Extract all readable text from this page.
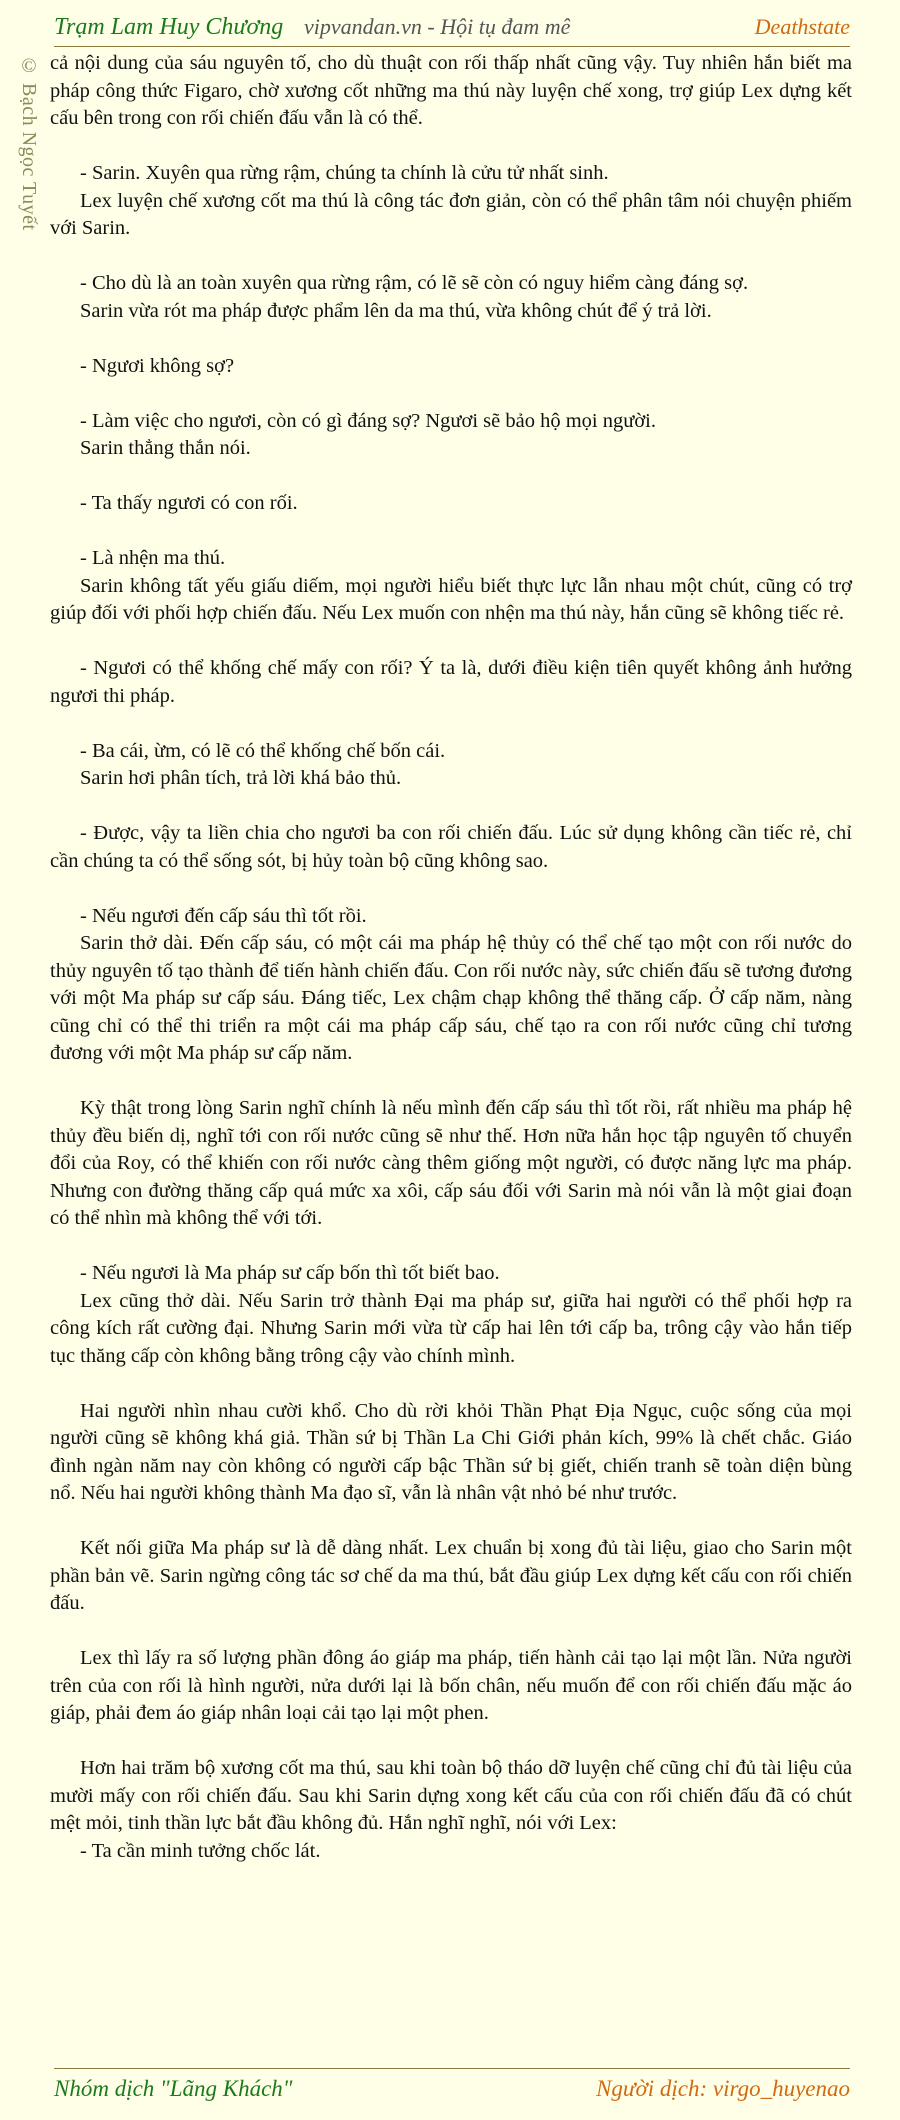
Trạm Lam Huy Chương vipvandan.vn - Hội tụ đam mê	Deathstate
© Bạch Ngọc Tuyết cả nội dung của sáu nguyên tố, cho dù thuật con rối thấp nhất cũng vậy. Tuy nhiên hắn biết ma pháp công thức Figaro, chờ xương cốt những ma thú này luyện chế xong, trợ giúp Lex dựng kết cấu bên trong con rối chiến đấu vẫn là có thể.

- Sarin. Xuyên qua rừng rậm, chúng ta chính là cửu tử nhất sinh.

Lex luyện chế xương cốt ma thú là công tác đơn giản, còn có thể phân tâm nói chuyện phiếm với Sarin.

- Cho dù là an toàn xuyên qua rừng rậm, có lẽ sẽ còn có nguy hiểm càng đáng sợ.

Sarin vừa rót ma pháp được phẩm lên da ma thú, vừa không chút để ý trả lời.

- Ngươi không sợ?

- Làm việc cho ngươi, còn có gì đáng sợ? Ngươi sẽ bảo hộ mọi người.

Sarin thẳng thắn nói.

- Ta thấy ngươi có con rối.

- Là nhện ma thú.

Sarin không tất yếu giấu diếm, mọi người hiểu biết thực lực lẫn nhau một chút, cũng có trợ giúp đối với phối hợp chiến đấu. Nếu Lex muốn con nhện ma thú này, hắn cũng sẽ không tiếc rẻ.

- Ngươi có thể khống chế mấy con rối? Ý ta là, dưới điều kiện tiên quyết không ảnh hưởng ngươi thi pháp.

- Ba cái, ừm, có lẽ có thể khống chế bốn cái.

Sarin hơi phân tích, trả lời khá bảo thủ.

- Được, vậy ta liền chia cho ngươi ba con rối chiến đấu. Lúc sử dụng không cần tiếc rẻ, chỉ cần chúng ta có thể sống sót, bị hủy toàn bộ cũng không sao.

- Nếu ngươi đến cấp sáu thì tốt rồi.

Sarin thở dài. Đến cấp sáu, có một cái ma pháp hệ thủy có thể chế tạo một con rối nước do thủy nguyên tố tạo thành để tiến hành chiến đấu. Con rối nước này, sức chiến đấu sẽ tương đương với một Ma pháp sư cấp sáu. Đáng tiếc, Lex chậm chạp không thể thăng cấp. Ở cấp năm, nàng cũng chỉ có thể thi triển ra một cái ma pháp cấp sáu, chế tạo ra con rối nước cũng chỉ tương đương với một Ma pháp sư cấp năm.

Kỳ thật trong lòng Sarin nghĩ chính là nếu mình đến cấp sáu thì tốt rồi, rất nhiều ma pháp hệ thủy đều biến dị, nghĩ tới con rối nước cũng sẽ như thế. Hơn nữa hắn học tập nguyên tố chuyển đổi của Roy, có thể khiến con rối nước càng thêm giống một người, có được năng lực ma pháp. Nhưng con đường thăng cấp quá mức xa xôi, cấp sáu đối với Sarin mà nói vẫn là một giai đoạn có thể nhìn mà không thể với tới.

- Nếu ngươi là Ma pháp sư cấp bốn thì tốt biết bao.

Lex cũng thở dài. Nếu Sarin trở thành Đại ma pháp sư, giữa hai người có thể phối hợp ra công kích rất cường đại. Nhưng Sarin mới vừa từ cấp hai lên tới cấp ba, trông cậy vào hắn tiếp tục thăng cấp còn không bằng trông cậy vào chính mình.

Hai người nhìn nhau cười khổ. Cho dù rời khỏi Thần Phạt Địa Ngục, cuộc sống của mọi người cũng sẽ không khá giả. Thần sứ bị Thần La Chi Giới phản kích, 99% là chết chắc. Giáo đình ngàn năm nay còn không có người cấp bậc Thần sứ bị giết, chiến tranh sẽ toàn diện bùng nổ. Nếu hai người không thành Ma đạo sĩ, vẫn là nhân vật nhỏ bé như trước.

Kết nối giữa Ma pháp sư là dễ dàng nhất. Lex chuẩn bị xong đủ tài liệu, giao cho Sarin một phần bản vẽ. Sarin ngừng công tác sơ chế da ma thú, bắt đầu giúp Lex dựng kết cấu con rối chiến đấu.

Lex thì lấy ra số lượng phần đông áo giáp ma pháp, tiến hành cải tạo lại một lần. Nửa người trên của con rối là hình người, nửa dưới lại là bốn chân, nếu muốn để con rối chiến đấu mặc áo giáp, phải đem áo giáp nhân loại cải tạo lại một phen.

Hơn hai trăm bộ xương cốt ma thú, sau khi toàn bộ tháo dỡ luyện chế cũng chỉ đủ tài liệu của mười mấy con rối chiến đấu. Sau khi Sarin dựng xong kết cấu của con rối chiến đấu đã có chút mệt mỏi, tinh thần lực bắt đầu không đủ. Hắn nghĩ nghĩ, nói với Lex:

- Ta cần minh tưởng chốc lát.

Nhóm dịch "Lãng Khách"	Người dịch: virgo_huyenao
